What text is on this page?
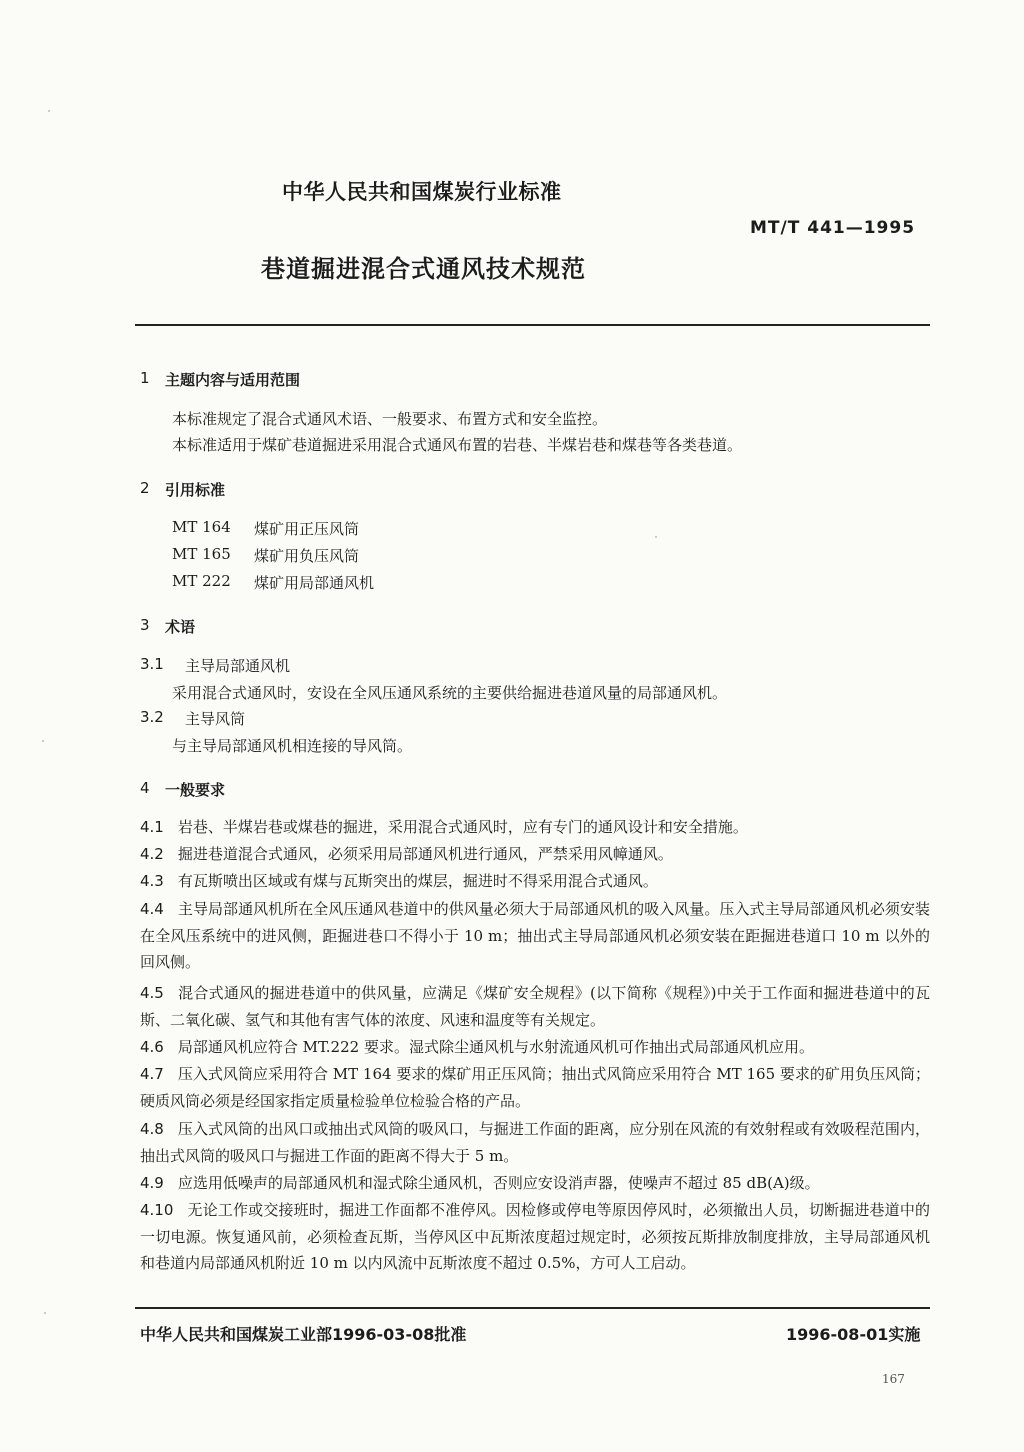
中华人民共和国煤炭行业标准
MT/T 441—1995
巷道掘进混合式通风技术规范
1 主题内容与适用范围
本标准规定了混合式通风术语、一般要求、布置方式和安全监控。
本标准适用于煤矿巷道掘进采用混合式通风布置的岩巷、半煤岩巷和煤巷等各类巷道。
2 引用标准
MT 164 煤矿用正压风筒
MT 165 煤矿用负压风筒
MT 222 煤矿用局部通风机
3 术语
3.1 主导局部通风机
采用混合式通风时，安设在全风压通风系统的主要供给掘进巷道风量的局部通风机。
3.2 主导风筒
与主导局部通风机相连接的导风筒。
4 一般要求
4.1 岩巷、半煤岩巷或煤巷的掘进，采用混合式通风时，应有专门的通风设计和安全措施。
4.2 掘进巷道混合式通风，必须采用局部通风机进行通风，严禁采用风幛通风。
4.3 有瓦斯喷出区域或有煤与瓦斯突出的煤层，掘进时不得采用混合式通风。
4.4 主导局部通风机所在全风压通风巷道中的供风量必须大于局部通风机的吸入风量。压入式主导局部通风机必须安装在全风压系统中的进风侧，距掘进巷口不得小于 10 m；抽出式主导局部通风机必须安装在距掘进巷道口 10 m 以外的回风侧。
4.5 混合式通风的掘进巷道中的供风量，应满足《煤矿安全规程》(以下简称《规程》)中关于工作面和掘进巷道中的瓦斯、二氧化碳、氢气和其他有害气体的浓度、风速和温度等有关规定。
4.6 局部通风机应符合 MT.222 要求。湿式除尘通风机与水射流通风机可作抽出式局部通风机应用。
4.7 压入式风筒应采用符合 MT 164 要求的煤矿用正压风筒；抽出式风筒应采用符合 MT 165 要求的矿用负压风筒；硬质风筒必须是经国家指定质量检验单位检验合格的产品。
4.8 压入式风筒的出风口或抽出式风筒的吸风口，与掘进工作面的距离，应分别在风流的有效射程或有效吸程范围内，抽出式风筒的吸风口与掘进工作面的距离不得大于 5 m。
4.9 应选用低噪声的局部通风机和湿式除尘通风机，否则应安设消声器，使噪声不超过 85 dB(A)级。
4.10 无论工作或交接班时，掘进工作面都不准停风。因检修或停电等原因停风时，必须撤出人员，切断掘进巷道中的一切电源。恢复通风前，必须检查瓦斯，当停风区中瓦斯浓度超过规定时，必须按瓦斯排放制度排放，主导局部通风机和巷道内局部通风机附近 10 m 以内风流中瓦斯浓度不超过 0.5%，方可人工启动。
中华人民共和国煤炭工业部1996-03-08批准	1996-08-01实施
167
